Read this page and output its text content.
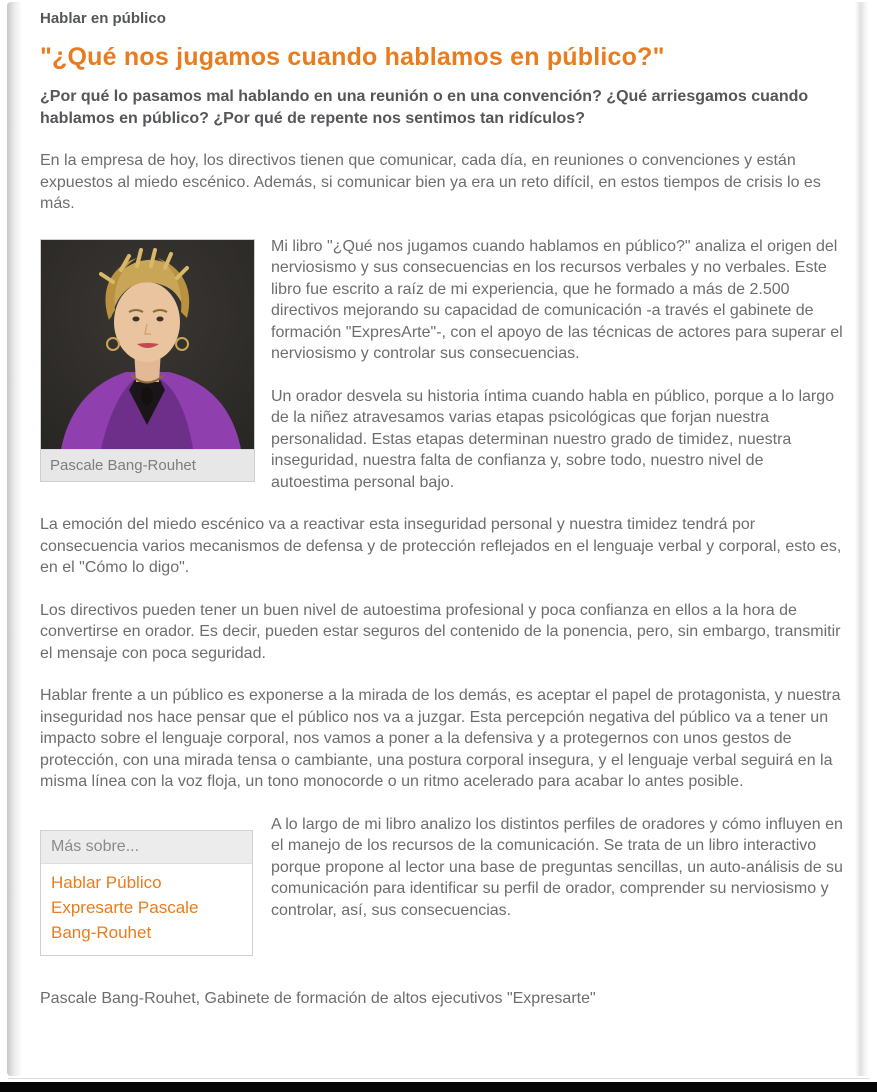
Hablar en público

"¿Qué nos jugamos cuando hablamos en público?"

¿Por qué lo pasamos mal hablando en una reunión o en una convención? ¿Qué arriesgamos cuando hablamos en público? ¿Por qué de repente nos sentimos tan ridículos?

En la empresa de hoy, los directivos tienen que comunicar, cada día, en reuniones o convenciones y están expuestos al miedo escénico. Además, si comunicar bien ya era un reto difícil, en estos tiempos de crisis lo es más.

Pascale Bang-Rouhet

Mi libro "¿Qué nos jugamos cuando hablamos en público?" analiza el origen del nerviosismo y sus consecuencias en los recursos verbales y no verbales. Este libro fue escrito a raíz de mi experiencia, que he formado a más de 2.500 directivos mejorando su capacidad de comunicación -a través el gabinete de formación "ExpresArte"-, con el apoyo de las técnicas de actores para superar el nerviosismo y controlar sus consecuencias.

Un orador desvela su historia íntima cuando habla en público, porque a lo largo de la niñez atravesamos varias etapas psicológicas que forjan nuestra personalidad. Estas etapas determinan nuestro grado de timidez, nuestra inseguridad, nuestra falta de confianza y, sobre todo, nuestro nivel de autoestima personal bajo.

La emoción del miedo escénico va a reactivar esta inseguridad personal y nuestra timidez tendrá por consecuencia varios mecanismos de defensa y de protección reflejados en el lenguaje verbal y corporal, esto es, en el "Cómo lo digo".

Los directivos pueden tener un buen nivel de autoestima profesional y poca confianza en ellos a la hora de convertirse en orador. Es decir, pueden estar seguros del contenido de la ponencia, pero, sin embargo, transmitir el mensaje con poca seguridad.

Hablar frente a un público es exponerse a la mirada de los demás, es aceptar el papel de protagonista, y nuestra inseguridad nos hace pensar que el público nos va a juzgar. Esta percepción negativa del público va a tener un impacto sobre el lenguaje corporal, nos vamos a poner a la defensiva y a protegernos con unos gestos de protección, con una mirada tensa o cambiante, una postura corporal insegura, y el lenguaje verbal seguirá en la misma línea con la voz floja, un tono monocorde o un ritmo acelerado para acabar lo antes posible.

Más sobre...

Hablar Público

Expresarte Pascale Bang-Rouhet

A lo largo de mi libro analizo los distintos perfiles de oradores y cómo influyen en el manejo de los recursos de la comunicación. Se trata de un libro interactivo porque propone al lector una base de preguntas sencillas, un auto-análisis de su comunicación para identificar su perfil de orador, comprender su nerviosismo y controlar, así, sus consecuencias.

Pascale Bang-Rouhet, Gabinete de formación de altos ejecutivos "Expresarte"
